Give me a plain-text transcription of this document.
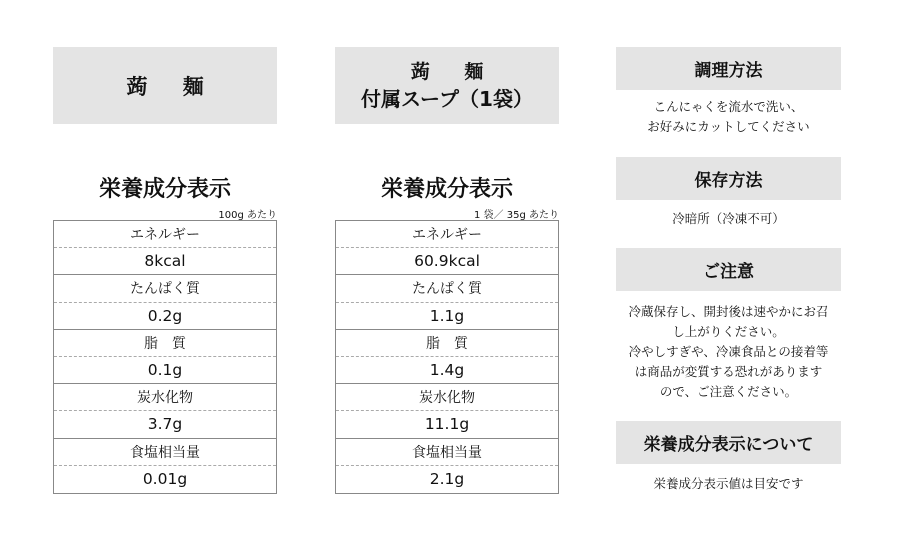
蒟 麺
栄養成分表示
100g あたり
エネルギー
8kcal
たんぱく質
0.2g
脂　質
0.1g
炭水化物
3.7g
食塩相当量
0.01g
蒟 麺
付属スープ（1袋）
栄養成分表示
1 袋／ 35g あたり
エネルギー
60.9kcal
たんぱく質
1.1g
脂　質
1.4g
炭水化物
11.1g
食塩相当量
2.1g
調理方法
こんにゃくを流水で洗い、
お好みにカットしてください
保存方法
冷暗所（冷凍不可）
ご注意
冷蔵保存し、開封後は速やかにお召
し上がりください。
冷やしすぎや、冷凍食品との接着等
は商品が変質する恐れがあります
ので、ご注意ください。
栄養成分表示について
栄養成分表示値は目安です
